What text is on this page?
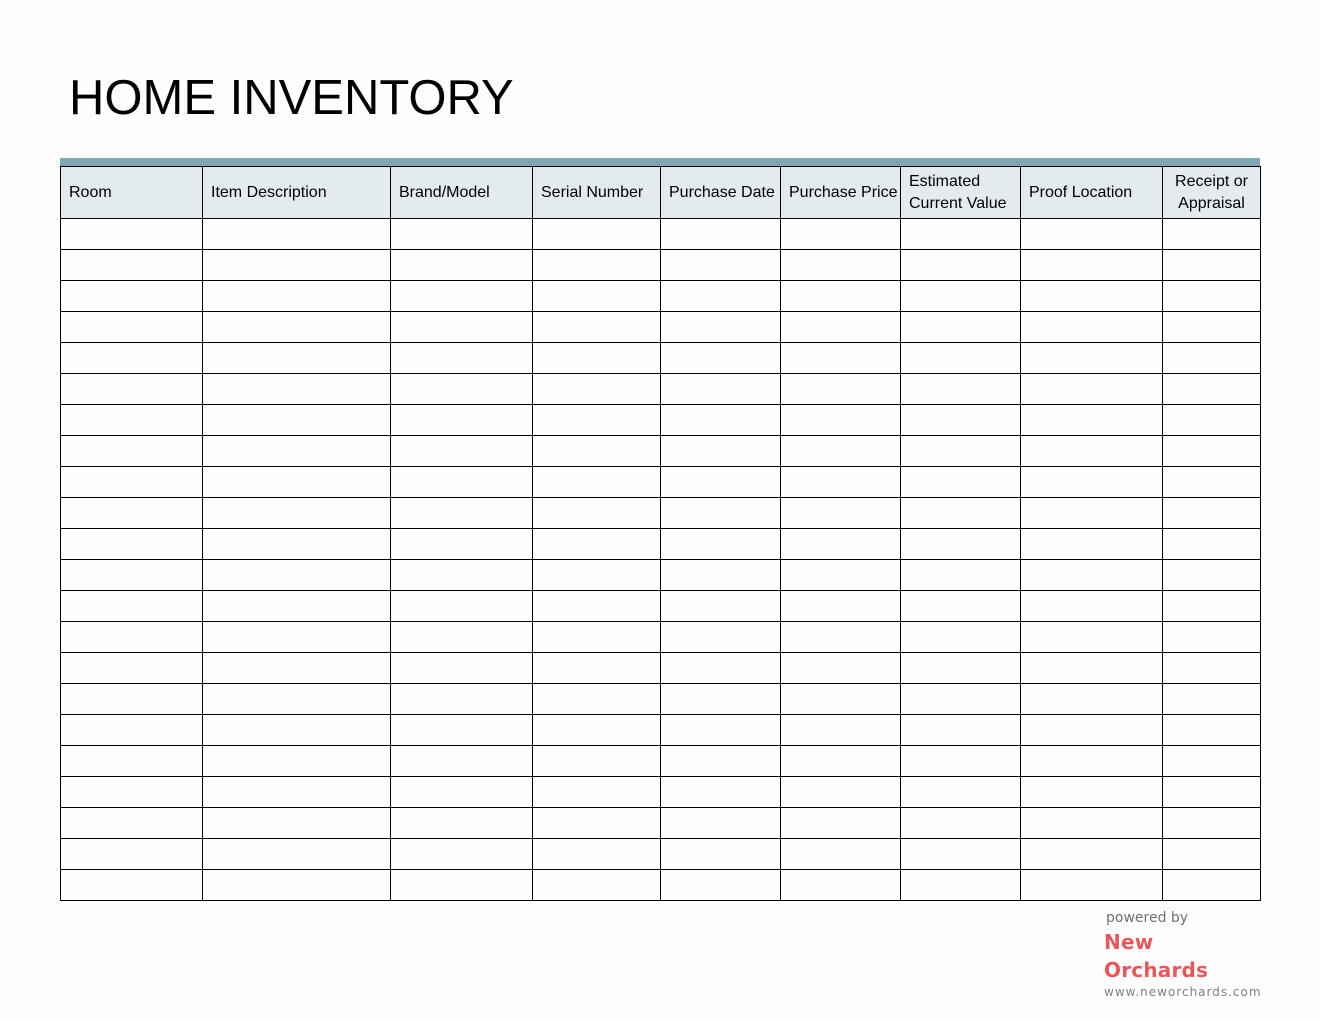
HOME INVENTORY
Room	Item Description	Brand/Model	Serial Number	Purchase Date	Purchase Price	Estimated Current Value	Proof Location	Receipt or Appraisal

powered by
New Orchards
www.neworchards.com
